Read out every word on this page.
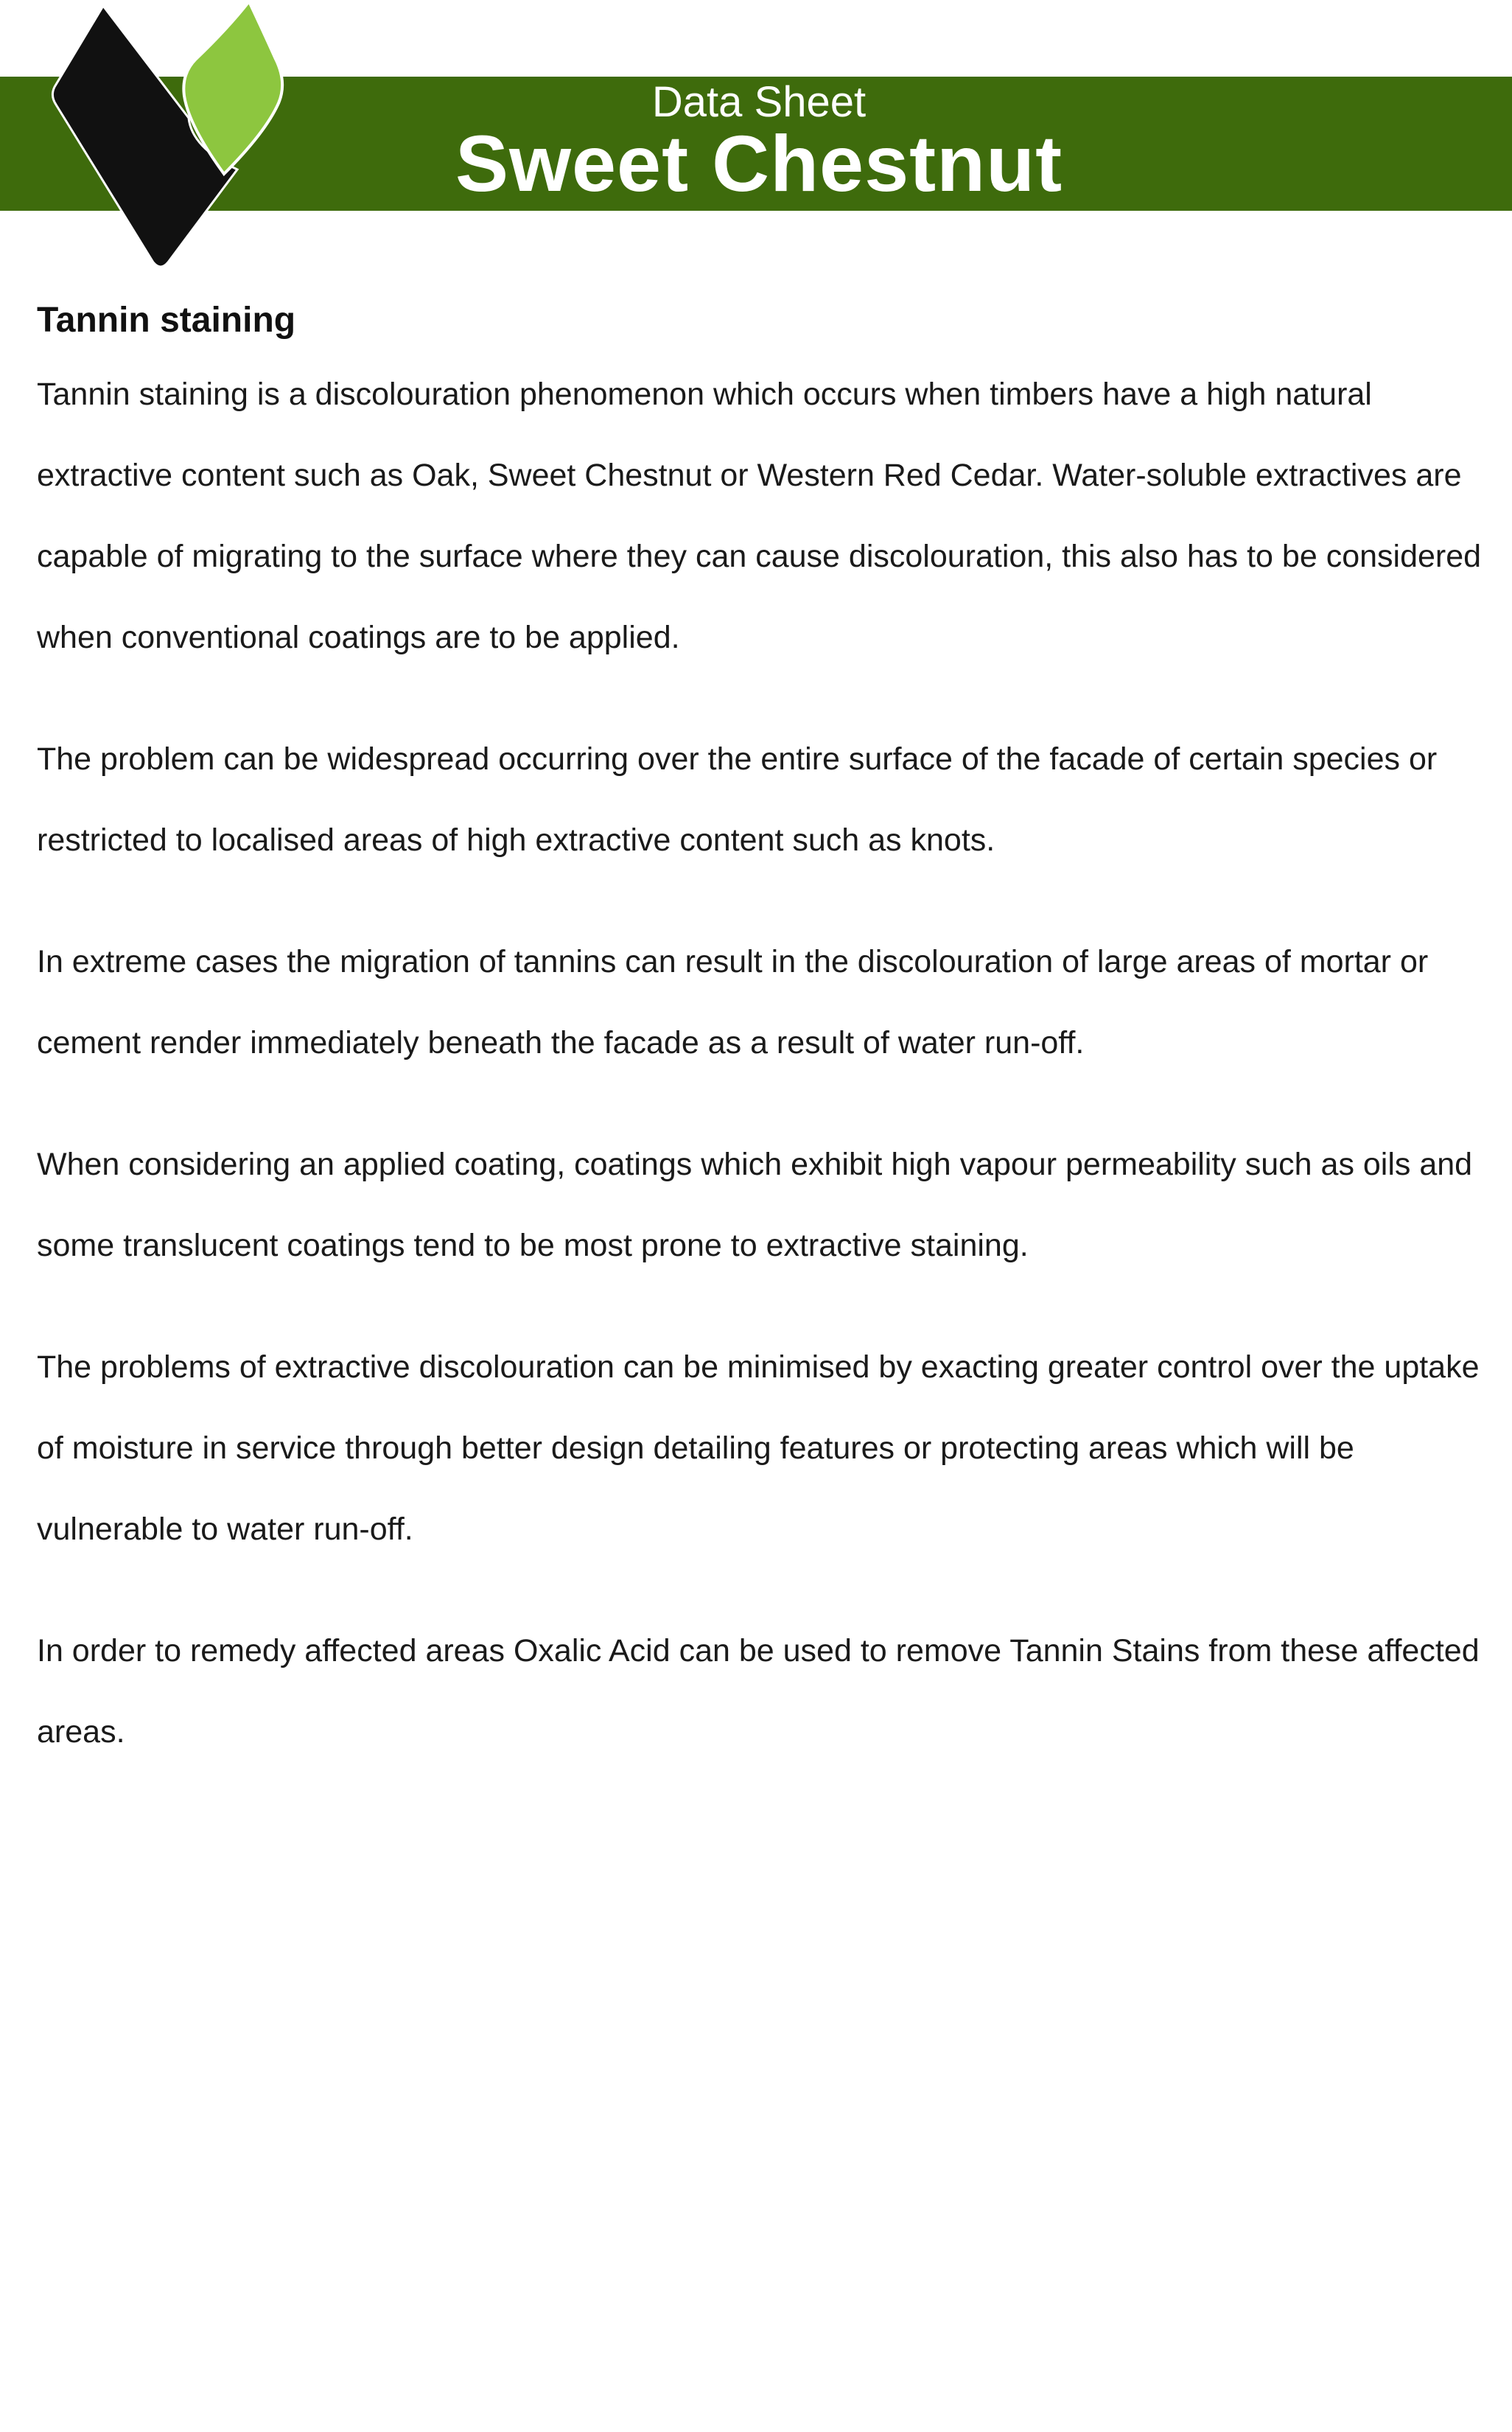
Data Sheet
Sweet Chestnut
Tannin staining

Tannin staining is a discolouration phenomenon which occurs when timbers have a high natural extractive content such as Oak, Sweet Chestnut or Western Red Cedar. Water-soluble extractives are capable of migrating to the surface where they can cause discolouration, this also has to be considered when conventional coatings are to be applied.

The problem can be widespread occurring over the entire surface of the facade of certain species or restricted to localised areas of high extractive content such as knots.

In extreme cases the migration of tannins can result in the discolouration of large areas of mortar or cement render immediately beneath the facade as a result of water run-off.

When considering an applied coating, coatings which exhibit high vapour permeability such as oils and some translucent coatings tend to be most prone to extractive staining.

The problems of extractive discolouration can be minimised by exacting greater control over the uptake of moisture in service through better design detailing features or protecting areas which will be vulnerable to water run-off.

In order to remedy affected areas Oxalic Acid can be used to remove Tannin Stains from these affected areas.
